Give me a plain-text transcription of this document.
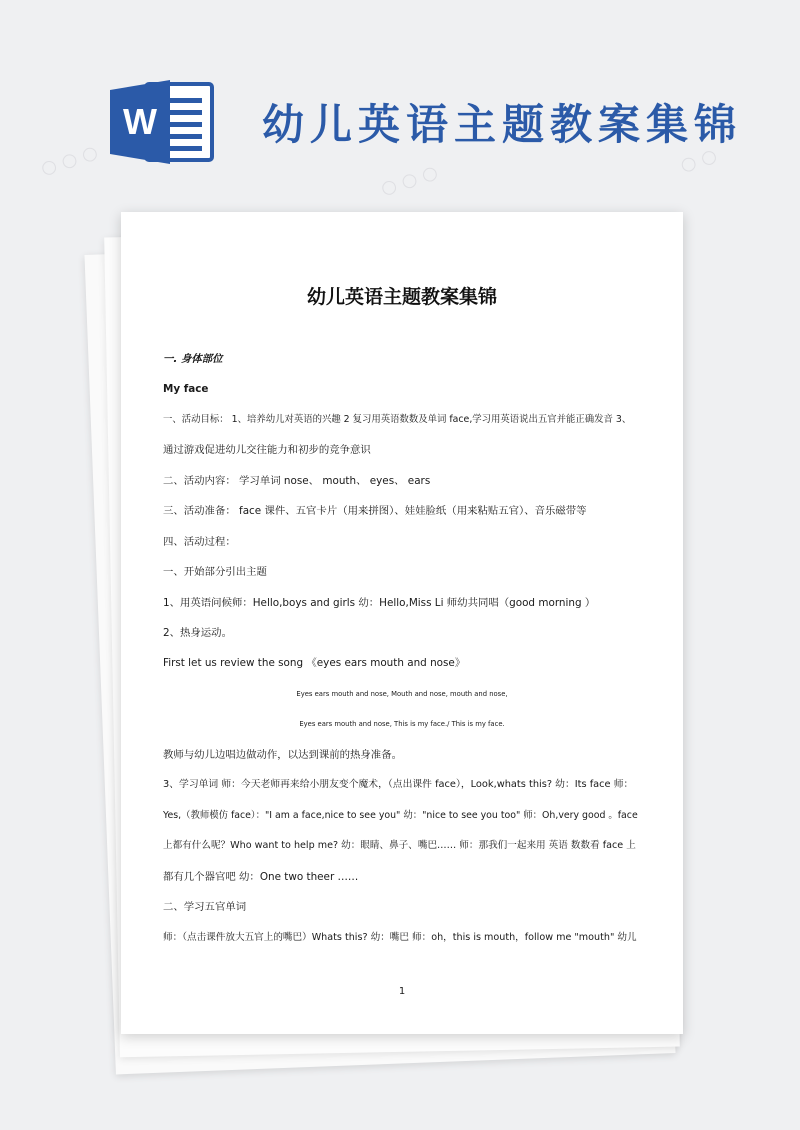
○ ○ ○
○ ○ ○
○ ○
W	幼儿英语主题教案集锦
幼儿英语主题教案集锦
一. 身体部位
My face
一、活动目标： 1、培养幼儿对英语的兴趣 2 复习用英语数数及单词 face,学习用英语说出五官并能正确发音 3、
通过游戏促进幼儿交往能力和初步的竞争意识
二、活动内容： 学习单词 nose、 mouth、 eyes、 ears
三、活动准备： face 课件、五官卡片（用来拼图）、娃娃脸纸（用来粘贴五官）、音乐磁带等
四、活动过程：
一、开始部分引出主题
1、用英语问候师：Hello,boys and girls 幼：Hello,Miss Li 师幼共同唱（good morning ）
2、热身运动。
First let us review the song 《eyes ears mouth and nose》
Eyes ears mouth and nose, Mouth and nose, mouth and nose,
Eyes ears mouth and nose, This is my face./ This is my face.
教师与幼儿边唱边做动作，以达到课前的热身准备。
3、学习单词 师：今天老师再来给小朋友变个魔术，（点出课件 face），Look,whats this? 幼：Its face 师：
Yes,（教师模仿 face）："I am a face,nice to see you" 幼："nice to see you too" 师：Oh,very good 。face
上都有什么呢？Who want to help me? 幼：眼睛、鼻子、嘴巴…… 师：那我们一起来用 英语 数数看 face 上
都有几个器官吧 幼：One two theer ……
二、学习五官单词
师：（点击课件放大五官上的嘴巴）Whats this? 幼：嘴巴 师：oh，this is mouth，follow me "mouth" 幼儿
1
